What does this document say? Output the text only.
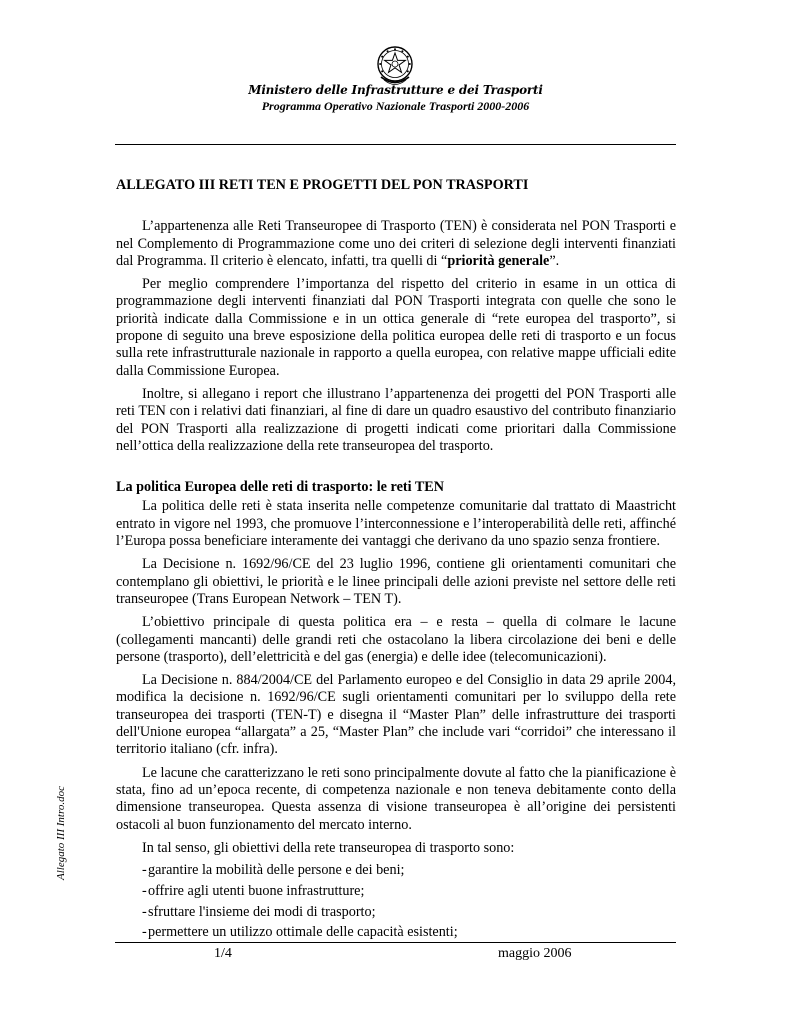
Ministero delle Infrastrutture e dei Trasporti
Programma Operativo Nazionale Trasporti 2000-2006
ALLEGATO III RETI TEN E PROGETTI DEL PON TRASPORTI

L’appartenenza alle Reti Transeuropee di Trasporto (TEN) è considerata nel PON Trasporti e nel Complemento di Programmazione come uno dei criteri di selezione degli interventi finanziati dal Programma. Il criterio è elencato, infatti, tra quelli di “priorità generale”.

Per meglio comprendere l’importanza del rispetto del criterio in esame in un ottica di programmazione degli interventi finanziati dal PON Trasporti integrata con quelle che sono le priorità indicate dalla Commissione e in un ottica generale di “rete europea del trasporto”, si propone di seguito una breve esposizione della politica europea delle reti di trasporto e un focus sulla rete infrastrutturale nazionale in rapporto a quella europea, con relative mappe ufficiali edite dalla Commissione Europea.

Inoltre, si allegano i report che illustrano l’appartenenza dei progetti del PON Trasporti alle reti TEN con i relativi dati finanziari, al fine di dare un quadro esaustivo del contributo finanziario del PON Trasporti alla realizzazione di progetti indicati come prioritari dalla Commissione nell’ottica della realizzazione della rete transeuropea del trasporto.

La politica Europea delle reti di trasporto: le reti TEN

La politica delle reti è stata inserita nelle competenze comunitarie dal trattato di Maastricht entrato in vigore nel 1993, che promuove l’interconnessione e l’interoperabilità delle reti, affinché l’Europa possa beneficiare interamente dei vantaggi che derivano da uno spazio senza frontiere.

La Decisione n. 1692/96/CE del 23 luglio 1996, contiene gli orientamenti comunitari che contemplano gli obiettivi, le priorità e le linee principali delle azioni previste nel settore delle reti transeuropee (Trans European Network – TEN T).

L’obiettivo principale di questa politica era – e resta – quella di colmare le lacune (collegamenti mancanti) delle grandi reti che ostacolano la libera circolazione dei beni e delle persone (trasporto), dell’elettricità e del gas (energia) e delle idee (telecomunicazioni).

La Decisione n. 884/2004/CE del Parlamento europeo e del Consiglio in data 29 aprile 2004, modifica la decisione n. 1692/96/CE sugli orientamenti comunitari per lo sviluppo della rete transeuropea dei trasporti (TEN-T) e disegna il “Master Plan” delle infrastrutture dei trasporti dell'Unione europea “allargata” a 25, “Master Plan” che include vari “corridoi” che interessano il territorio italiano (cfr. infra).

Le lacune che caratterizzano le reti sono principalmente dovute al fatto che la pianificazione è stata, fino ad un’epoca recente, di competenza nazionale e non teneva debitamente conto della dimensione transeuropea. Questa assenza di visione transeuropea è all’origine dei persistenti ostacoli al buon funzionamento del mercato interno.

In tal senso, gli obiettivi della rete transeuropea di trasporto sono:

- garantire la mobilità delle persone e dei beni;
- offrire agli utenti buone infrastrutture;
- sfruttare l'insieme dei modi di trasporto;
- permettere un utilizzo ottimale delle capacità esistenti;
Allegato III Intro.doc
1/4	maggio 2006
